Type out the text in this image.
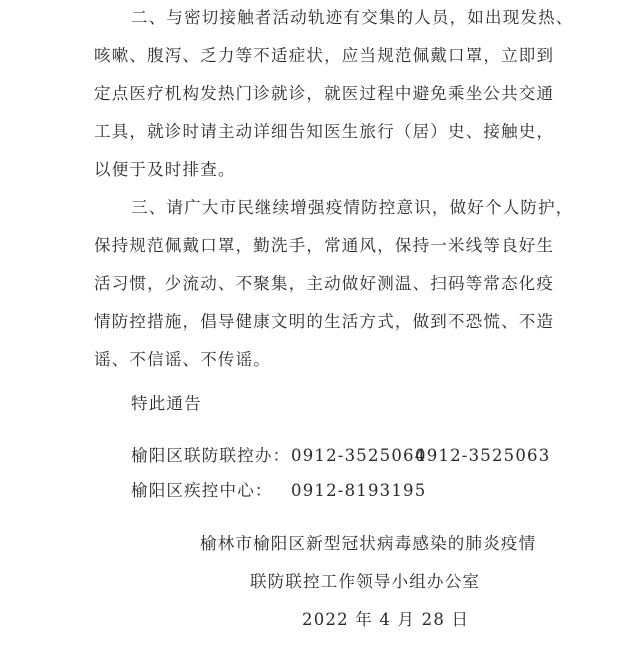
二、与密切接触者活动轨迹有交集的人员，如出现发热、
咳嗽、腹泻、乏力等不适症状，应当规范佩戴口罩，立即到
定点医疗机构发热门诊就诊，就医过程中避免乘坐公共交通
工具，就诊时请主动详细告知医生旅行（居）史、接触史，
以便于及时排查。
三、请广大市民继续增强疫情防控意识，做好个人防护，
保持规范佩戴口罩，勤洗手，常通风，保持一米线等良好生
活习惯，少流动、不聚集，主动做好测温、扫码等常态化疫
情防控措施，倡导健康文明的生活方式，做到不恐慌、不造
谣、不信谣、不传谣。
特此通告
榆阳区联防联控办： 0912-3525064
0912-3525063
榆阳区疾控中心： 0912-8193195
榆林市榆阳区新型冠状病毒感染的肺炎疫情
联防联控工作领导小组办公室
2022 年 4 月 28 日
